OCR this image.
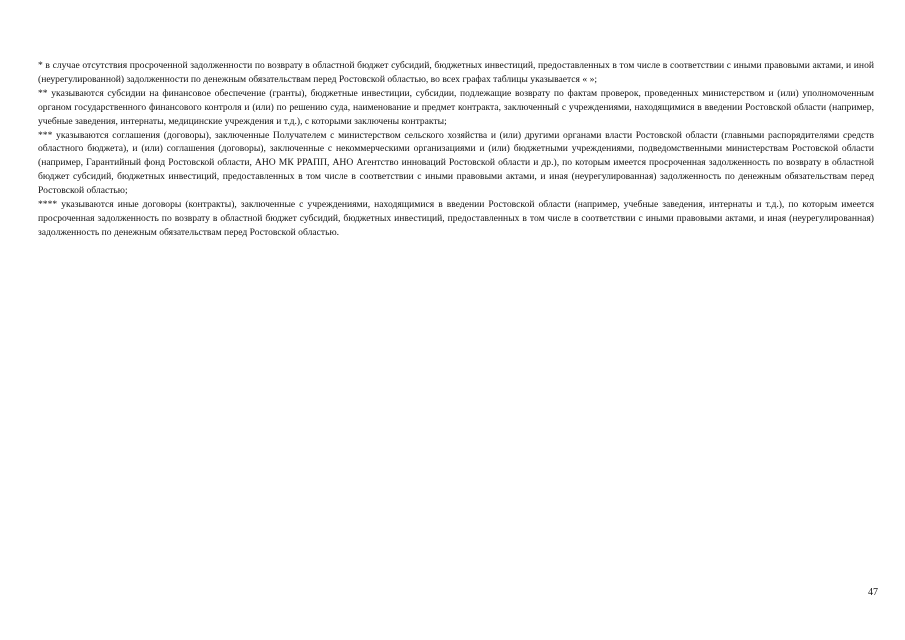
* в случае отсутствия просроченной задолженности по возврату в областной бюджет субсидий, бюджетных инвестиций, предоставленных в том числе в соответствии с иными правовыми актами, и иной (неурегулированной) задолженности по денежным обязательствам перед Ростовской областью, во всех графах таблицы указывается « »;

** указываются субсидии на финансовое обеспечение (гранты), бюджетные инвестиции, субсидии, подлежащие возврату по фактам проверок, проведенных министерством и (или) уполномоченным органом государственного финансового контроля и (или) по решению суда, наименование и предмет контракта, заключенный с учреждениями, находящимися в введении Ростовской области (например, учебные заведения, интернаты, медицинские учреждения и т.д.), с которыми заключены контракты;

*** указываются соглашения (договоры), заключенные Получателем с министерством сельского хозяйства и (или) другими органами власти Ростовской области (главными распорядителями средств областного бюджета), и (или) соглашения (договоры), заключенные с некоммерческими организациями и (или) бюджетными учреждениями, подведомственными министерствам Ростовской области (например, Гарантийный фонд Ростовской области, АНО МК РРАПП, АНО Агентство инноваций Ростовской области и др.), по которым имеется просроченная задолженность по возврату в областной бюджет субсидий, бюджетных инвестиций, предоставленных в том числе в соответствии с иными правовыми актами, и иная (неурегулированная) задолженность по денежным обязательствам перед Ростовской областью;

**** указываются иные договоры (контракты), заключенные с учреждениями, находящимися в введении Ростовской области (например, учебные заведения, интернаты и т.д.), по которым имеется просроченная задолженность по возврату в областной бюджет субсидий, бюджетных инвестиций, предоставленных в том числе в соответствии с иными правовыми актами, и иная (неурегулированная) задолженность по денежным обязательствам перед Ростовской областью.

47
